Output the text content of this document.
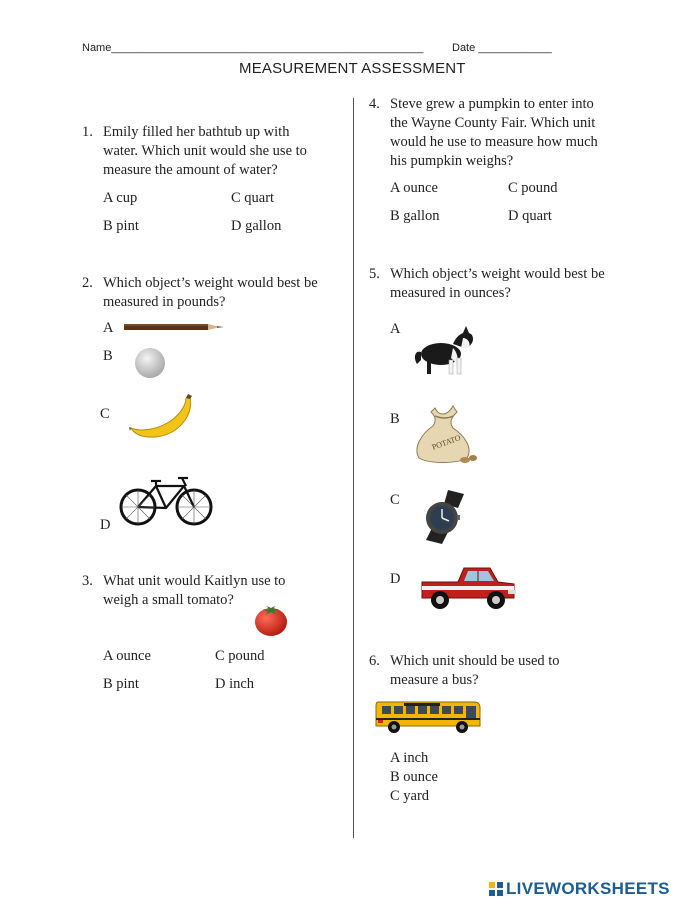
Name___________________________________________________	Date ____________
MEASUREMENT ASSESSMENT
1. Emily filled her bathtub up with
water. Which unit would she use to
measure the amount of water?
A cup	C quart
B pint	D gallon
2. Which object’s weight would best be
measured in pounds?
A
B
C
D
3. What unit would Kaitlyn use to
weigh a small tomato?
A ounce	C pound
B pint	D inch
4. Steve grew a pumpkin to enter into
the Wayne County Fair. Which unit
would he use to measure how much
his pumpkin weighs?
A ounce	C pound
B gallon	D quart
5. Which object’s weight would best be
measured in ounces?
A
B
POTATO
C
D
6. Which unit should be used to
measure a bus?
A inch
B ounce
C yard
LIVEWORKSHEETS
